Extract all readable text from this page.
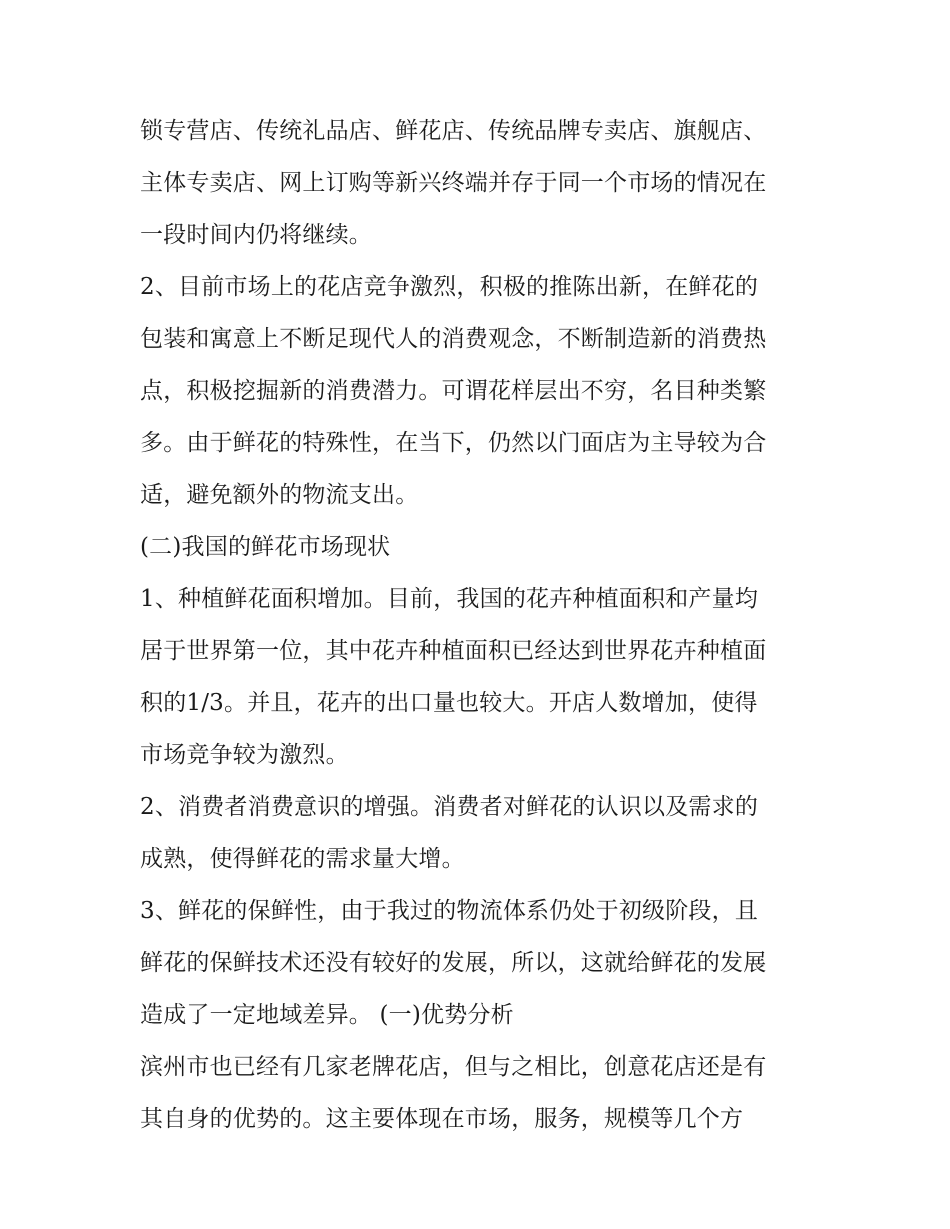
锁专营店、传统礼品店、鲜花店、传统品牌专卖店、旗舰店、
主体专卖店、网上订购等新兴终端并存于同一个市场的情况在
一段时间内仍将继续。
2、目前市场上的花店竞争激烈，积极的推陈出新，在鲜花的
包装和寓意上不断足现代人的消费观念，不断制造新的消费热
点，积极挖掘新的消费潜力。可谓花样层出不穷，名目种类繁
多。由于鲜花的特殊性，在当下，仍然以门面店为主导较为合
适，避免额外的物流支出。
(二)我国的鲜花市场现状
1、种植鲜花面积增加。目前，我国的花卉种植面积和产量均
居于世界第一位，其中花卉种植面积已经达到世界花卉种植面
积的1/3。并且，花卉的出口量也较大。开店人数增加，使得
市场竞争较为激烈。
2、消费者消费意识的增强。消费者对鲜花的认识以及需求的
成熟，使得鲜花的需求量大增。
3、鲜花的保鲜性，由于我过的物流体系仍处于初级阶段，且
鲜花的保鲜技术还没有较好的发展，所以，这就给鲜花的发展
造成了一定地域差异。 (一)优势分析
滨州市也已经有几家老牌花店，但与之相比，创意花店还是有
其自身的优势的。这主要体现在市场，服务，规模等几个方
